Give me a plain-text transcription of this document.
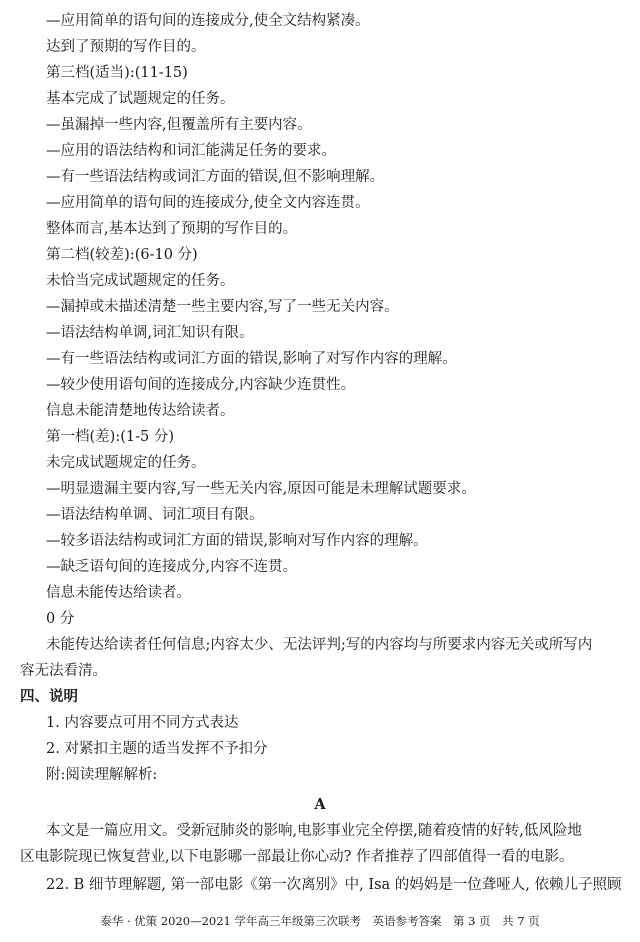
—应用简单的语句间的连接成分,使全文结构紧凑。
达到了预期的写作目的。
第三档(适当):(11-15)
基本完成了试题规定的任务。
—虽漏掉一些内容,但覆盖所有主要内容。
—应用的语法结构和词汇能满足任务的要求。
—有一些语法结构或词汇方面的错误,但不影响理解。
—应用简单的语句间的连接成分,使全文内容连贯。
整体而言,基本达到了预期的写作目的。
第二档(较差):(6-10 分)
未恰当完成试题规定的任务。
—漏掉或未描述清楚一些主要内容,写了一些无关内容。
—语法结构单调,词汇知识有限。
—有一些语法结构或词汇方面的错误,影响了对写作内容的理解。
—较少使用语句间的连接成分,内容缺少连贯性。
信息未能清楚地传达给读者。
第一档(差):(1-5 分)
未完成试题规定的任务。
—明显遗漏主要内容,写一些无关内容,原因可能是未理解试题要求。
—语法结构单调、词汇项目有限。
—较多语法结构或词汇方面的错误,影响对写作内容的理解。
—缺乏语句间的连接成分,内容不连贯。
信息未能传达给读者。
0 分
未能传达给读者任何信息;内容太少、无法评判;写的内容均与所要求内容无关或所写内
容无法看清。
四、说明
1. 内容要点可用不同方式表达
2. 对紧扣主题的适当发挥不予扣分
附:阅读理解解析:
A
本文是一篇应用文。受新冠肺炎的影响,电影事业完全停摆,随着疫情的好转,低风险地
区电影院现已恢复营业,以下电影哪一部最让你心动? 作者推荐了四部值得一看的电影。
22. B 细节理解题, 第一部电影《第一次离别》中, Isa 的妈妈是一位聋哑人, 依赖儿子照顾
泰华 · 优策 2020—2021 学年高三年级第三次联考　英语参考答案　第 3 页　共 7 页
